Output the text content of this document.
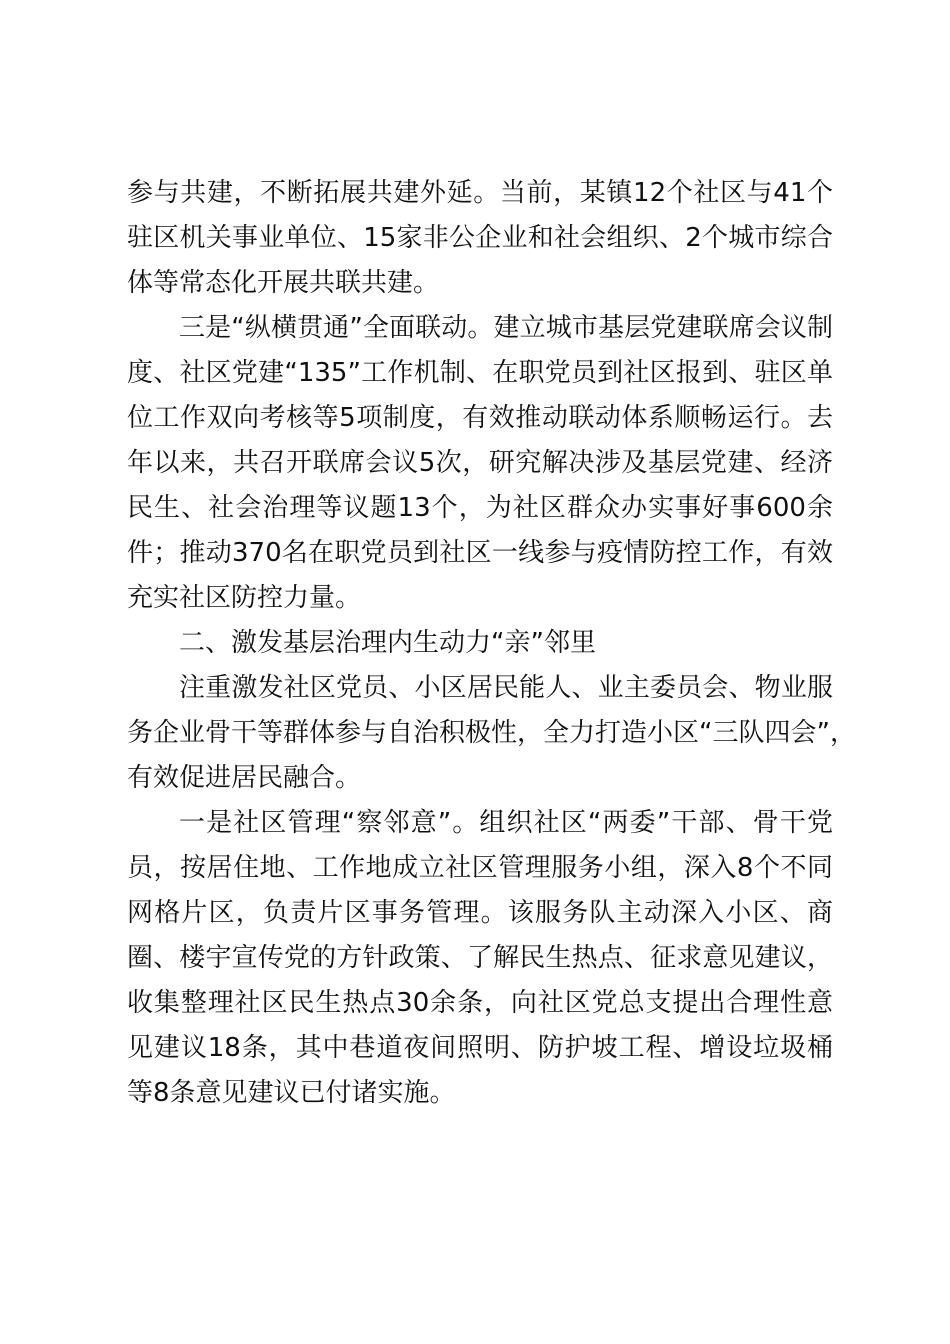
参与共建，不断拓展共建外延。当前，某镇12个社区与41个
驻区机关事业单位、15家非公企业和社会组织、2个城市综合
体等常态化开展共联共建。
三是“纵横贯通”全面联动。建立城市基层党建联席会议制
度、社区党建“135”工作机制、在职党员到社区报到、驻区单
位工作双向考核等5项制度，有效推动联动体系顺畅运行。去
年以来，共召开联席会议5次，研究解决涉及基层党建、经济
民生、社会治理等议题13个，为社区群众办实事好事600余
件；推动370名在职党员到社区一线参与疫情防控工作，有效
充实社区防控力量。
二、激发基层治理内生动力“亲”邻里
注重激发社区党员、小区居民能人、业主委员会、物业服
务企业骨干等群体参与自治积极性，全力打造小区“三队四会”，
有效促进居民融合。
一是社区管理“察邻意”。组织社区“两委”干部、骨干党
员，按居住地、工作地成立社区管理服务小组，深入8个不同
网格片区，负责片区事务管理。该服务队主动深入小区、商
圈、楼宇宣传党的方针政策、了解民生热点、征求意见建议，
收集整理社区民生热点30余条，向社区党总支提出合理性意
见建议18条，其中巷道夜间照明、防护坡工程、增设垃圾桶
等8条意见建议已付诸实施。
